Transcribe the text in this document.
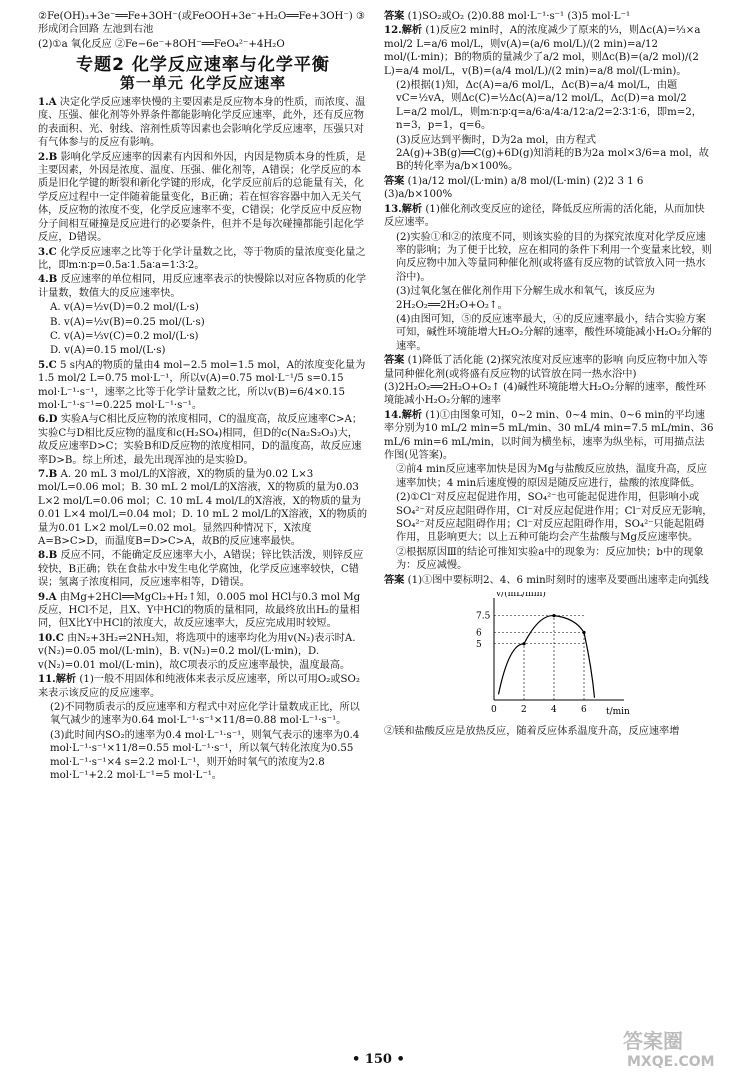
②Fe(OH)₃+3e⁻══Fe+3OH⁻(或FeOOH+3e⁻+H₂O══Fe+3OH⁻) ③形成闭合回路 左池到右池

(2)①a 氧化反应 ②Fe−6e⁻+8OH⁻══FeO₄²⁻+4H₂O

专题2 化学反应速率与化学平衡
第一单元 化学反应速率

1.A 决定化学反应速率快慢的主要因素是反应物本身的性质，而浓度、温度、压强、催化剂等外界条件都能影响化学反应速率，此外，还有反应物的表面积、光、射线、溶剂性质等因素也会影响化学反应速率，压强只对有气体参与的反应有影响。

2.B 影响化学反应速率的因素有内因和外因，内因是物质本身的性质，是主要因素，外因是浓度、温度、压强、催化剂等，A错误；化学反应的本质是旧化学键的断裂和新化学键的形成，化学反应前后的总能量有关，化学反应过程中一定伴随着能量变化，B正确；若在恒容容器中加入无关气体，反应物的浓度不变，化学反应速率不变，C错误；化学反应中反应物分子间相互碰撞是反应进行的必要条件，但并不是每次碰撞都能引起化学反应，D错误。

3.C 化学反应速率之比等于化学计量数之比，等于物质的量浓度变化量之比，即m∶n∶p=0.5a∶1.5a∶a=1∶3∶2。

4.B 反应速率的单位相同，用反应速率表示的快慢除以对应各物质的化学计量数，数值大的反应速率快。

A. v(A)=½v(D)=0.2 mol/(L·s)

B. v(A)=½v(B)=0.25 mol/(L·s)

C. v(A)=⅓v(C)=0.2 mol/(L·s)

D. v(A)=0.15 mol/(L·s)

5.C 5 s内A的物质的量由4 mol−2.5 mol=1.5 mol，A的浓度变化量为1.5 mol/2 L=0.75 mol·L⁻¹，所以v(A)=0.75 mol·L⁻¹/5 s=0.15 mol·L⁻¹·s⁻¹，速率之比等于化学计量数之比，所以v(B)=6/4×0.15 mol·L⁻¹·s⁻¹=0.225 mol·L⁻¹·s⁻¹。

6.D 实验A与C相比反应物的浓度相同，C的温度高，故反应速率C>A；实验C与D相比反应物的温度和c(H₂SO₄)相同，但D的c(Na₂S₂O₃)大，故反应速率D>C；实验B和D反应物的浓度相同，D的温度高，故反应速率D>B。综上所述，最先出现浑浊的是实验D。

7.B A. 20 mL 3 mol/L的X溶液，X的物质的量为0.02 L×3 mol/L=0.06 mol；B. 30 mL 2 mol/L的X溶液，X的物质的量为0.03 L×2 mol/L=0.06 mol；C. 10 mL 4 mol/L的X溶液，X的物质的量为0.01 L×4 mol/L=0.04 mol；D. 10 mL 2 mol/L的X溶液，X的物质的量为0.01 L×2 mol/L=0.02 mol。显然四种情况下，X浓度A=B>C>D，而温度B=D>C>A，故B的反应速率最快。

8.B 反应不同，不能确定反应速率大小，A错误；锌比铁活泼，则锌反应较快，B正确；铁在食盐水中发生电化学腐蚀，化学反应速率较快，C错误；氢离子浓度相同，反应速率相等，D错误。

9.A 由Mg+2HCl══MgCl₂+H₂↑知，0.005 mol HCl与0.3 mol Mg反应，HCl不足，且X、Y中HCl的物质的量相同，故最终放出H₂的量相同，但X比Y中HCl的浓度大，故反应速率大，反应完成用时较短。

10.C 由N₂+3H₂⇌2NH₃知，将选项中的速率均化为用v(N₂)表示时A. v(N₂)=0.05 mol/(L·min)，B. v(N₂)=0.2 mol/(L·min)，D. v(N₂)=0.01 mol/(L·min)，故C项表示的反应速率最快，温度最高。

11.解析 (1)一般不用固体和纯液体来表示反应速率，所以可用O₂或SO₂来表示该反应的反应速率。

(2)不同物质表示的反应速率和方程式中对应化学计量数成正比，所以氧气减少的速率为0.64 mol·L⁻¹·s⁻¹×11/8=0.88 mol·L⁻¹·s⁻¹。

(3)此时间内SO₂的速率为0.4 mol·L⁻¹·s⁻¹，则氧气表示的速率为0.4 mol·L⁻¹·s⁻¹×11/8=0.55 mol·L⁻¹·s⁻¹，所以氧气转化浓度为0.55 mol·L⁻¹·s⁻¹×4 s=2.2 mol·L⁻¹，则开始时氧气的浓度为2.8 mol·L⁻¹+2.2 mol·L⁻¹=5 mol·L⁻¹。

答案 (1)SO₂或O₂ (2)0.88 mol·L⁻¹·s⁻¹ (3)5 mol·L⁻¹

12.解析 (1)反应2 min时，A的浓度减少了原来的⅓，则Δc(A)=⅓×a mol/2 L=a/6 mol/L，则v(A)=(a/6 mol/L)/(2 min)=a/12 mol/(L·min)；B的物质的量减少了a/2 mol，则Δc(B)=(a/2 mol)/(2 L)=a/4 mol/L，v(B)=(a/4 mol/L)/(2 min)=a/8 mol/(L·min)。

(2)根据(1)知，Δc(A)=a/6 mol/L，Δc(B)=a/4 mol/L，由题vC=½vA，则Δc(C)=½Δc(A)=a/12 mol/L，Δc(D)=a mol/2 L=a/2 mol/L，则m∶n∶p∶q=a/6∶a/4∶a/12∶a/2=2∶3∶1∶6，即m=2，n=3，p=1，q=6。

(3)反应达到平衡时，D为2a mol，由方程式2A(g)+3B(g)══C(g)+6D(g)知消耗的B为2a mol×3/6=a mol，故B的转化率为a/b×100%。

答案 (1)a/12 mol/(L·min) a/8 mol/(L·min) (2)2 3 1 6 (3)a/b×100%

13.解析 (1)催化剂改变反应的途径，降低反应所需的活化能，从而加快反应速率。

(2)实验①和②的浓度不同，则该实验的目的为探究浓度对化学反应速率的影响；为了便于比较，应在相同的条件下利用一个变量来比较，则向反应物中加入等量同种催化剂(或将盛有反应物的试管放入同一热水浴中)。

(3)过氧化氢在催化剂作用下分解生成水和氧气，该反应为2H₂O₂══2H₂O+O₂↑。

(4)由图可知，⑤的反应速率最大，④的反应速率最小，结合实验方案可知，碱性环境能增大H₂O₂分解的速率，酸性环境能减小H₂O₂分解的速率。

答案 (1)降低了活化能 (2)探究浓度对反应速率的影响 向反应物中加入等量同种催化剂(或将盛有反应物的试管放在同一热水浴中) (3)2H₂O₂══2H₂O+O₂↑ (4)碱性环境能增大H₂O₂分解的速率，酸性环境能减小H₂O₂分解的速率

14.解析 (1)①由图象可知，0~2 min、0~4 min、0~6 min的平均速率分别为10 mL/2 min=5 mL/min、30 mL/4 min=7.5 mL/min、36 mL/6 min=6 mL/min，以时间为横坐标，速率为纵坐标，可用描点法作图(见答案)。

②前4 min反应速率加快是因为Mg与盐酸反应放热，温度升高，反应速率加快；4 min后速度慢的原因是随反应进行，盐酸的浓度降低。

(2)①Cl⁻对反应起促进作用，SO₄²⁻也可能起促进作用，但影响小或SO₄²⁻对反应起阻碍作用，Cl⁻对反应起促进作用；Cl⁻对反应无影响，SO₄²⁻对反应起阻碍作用；Cl⁻对反应起阻碍作用，SO₄²⁻只能起阻碍作用，且影响更大；以上五种可能均会产生盐酸与Mg反应速率快。

②根据原因Ⅲ的结论可推知实验a中的现象为：反应加快；b中的现象为：反应减慢。

答案 (1)①图中要标明2、4、6 min时刻时的速率及要画出速率走向弧线

v/(mL/min)
t/min
7.5
6
5
0	2	4	6

②镁和盐酸反应是放热反应，随着反应体系温度升高，反应速率增

• 150 •
答案圈
MXQE.COM
